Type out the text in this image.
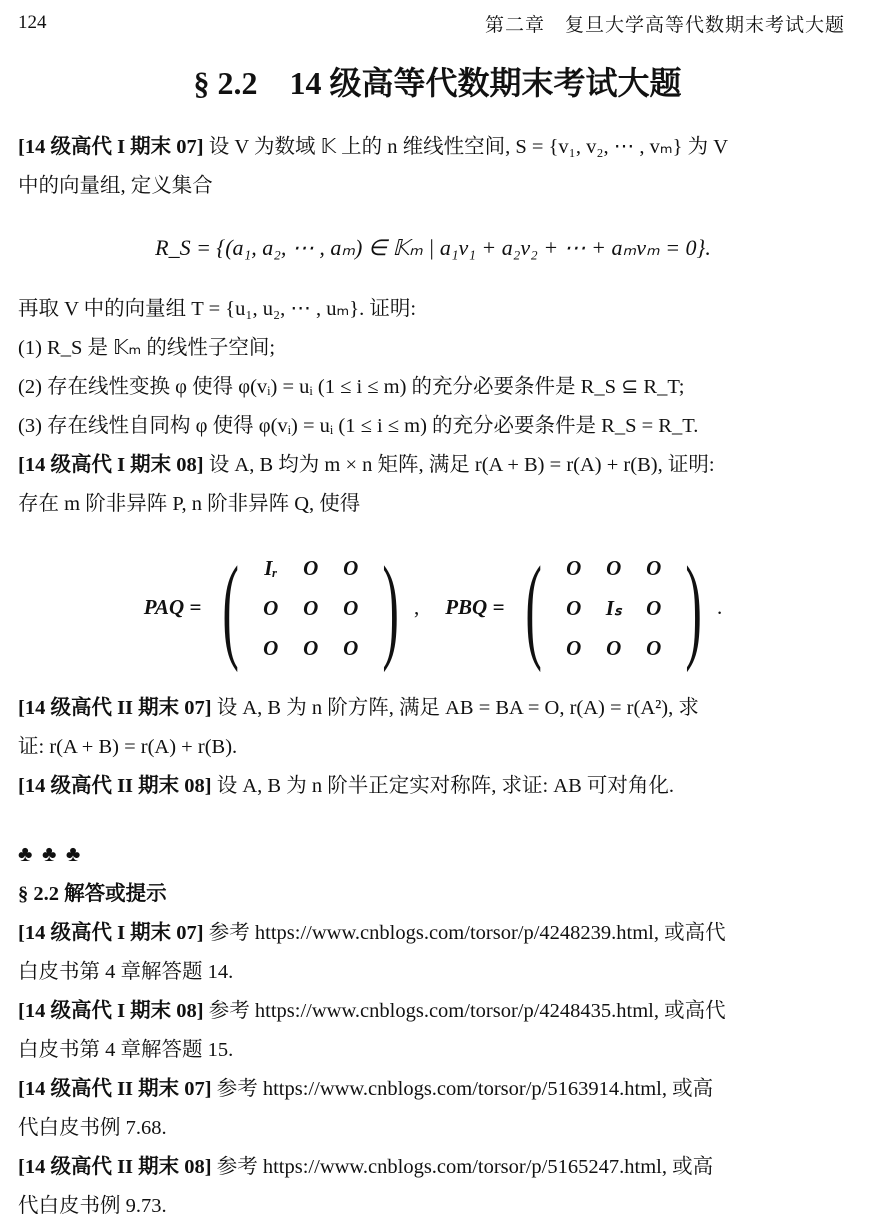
124	第二章　复旦大学高等代数期末考试大题
§ 2.2　14 级高等代数期末考试大题

[14 级高代 I 期末 07] 设 V 为数域 𝕂 上的 n 维线性空间, S = {v₁, v₂, ⋯ , vₘ} 为 V

中的向量组, 定义集合

R_S = {(a₁, a₂, ⋯ , aₘ) ∈ 𝕂ₘ | a₁v₁ + a₂v₂ + ⋯ + aₘvₘ = 0}.

再取 V 中的向量组 T = {u₁, u₂, ⋯ , uₘ}. 证明:

(1) R_S 是 𝕂ₘ 的线性子空间;

(2) 存在线性变换 φ 使得 φ(vᵢ) = uᵢ (1 ≤ i ≤ m) 的充分必要条件是 R_S ⊆ R_T;

(3) 存在线性自同构 φ 使得 φ(vᵢ) = uᵢ (1 ≤ i ≤ m) 的充分必要条件是 R_S = R_T.

[14 级高代 I 期末 08] 设 A, B 均为 m × n 矩阵, 满足 r(A + B) = r(A) + r(B), 证明:

存在 m 阶非异阵 P, n 阶非异阵 Q, 使得

PAQ = (	Iᵣ	O	O
O	O	O
O	O	O ) , PBQ = (	O	O	O
O	Iₛ	O
O	O	O ) .

[14 级高代 II 期末 07] 设 A, B 为 n 阶方阵, 满足 AB = BA = O, r(A) = r(A²), 求

证: r(A + B) = r(A) + r(B).

[14 级高代 II 期末 08] 设 A, B 为 n 阶半正定实对称阵, 求证: AB 可对角化.

♣ ♣ ♣
§ 2.2 解答或提示

[14 级高代 I 期末 07] 参考 https://www.cnblogs.com/torsor/p/4248239.html, 或高代

白皮书第 4 章解答题 14.

[14 级高代 I 期末 08] 参考 https://www.cnblogs.com/torsor/p/4248435.html, 或高代

白皮书第 4 章解答题 15.

[14 级高代 II 期末 07] 参考 https://www.cnblogs.com/torsor/p/5163914.html, 或高

代白皮书例 7.68.

[14 级高代 II 期末 08] 参考 https://www.cnblogs.com/torsor/p/5165247.html, 或高

代白皮书例 9.73.
